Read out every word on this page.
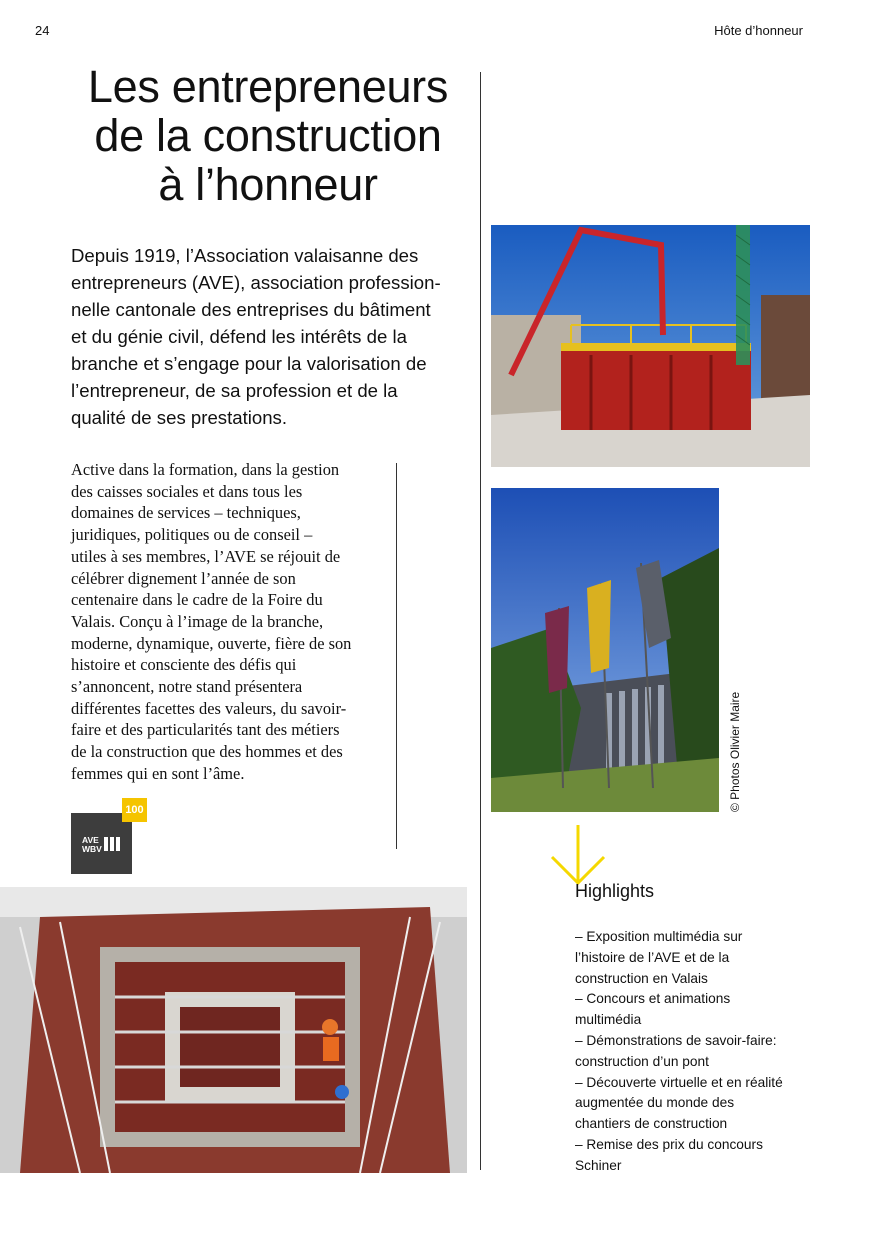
24	Hôte d’honneur
Les entrepreneurs
de la construction
à l’honneur

Depuis 1919, l’Association valaisanne des
entrepreneurs (AVE), association profession-
nelle cantonale des entreprises du bâtiment
et du génie civil, défend les intérêts de la
branche et s’engage pour la valorisation de
l’entrepreneur, de sa profession et de la
qualité de ses prestations.

Active dans la formation, dans la gestion
des caisses sociales et dans tous les
domaines de services – techniques,
juridiques, politiques ou de conseil –
utiles à ses membres, l’AVE se réjouit de
célébrer dignement l’année de son
centenaire dans le cadre de la Foire du
Valais. Conçu à l’image de la branche,
moderne, dynamique, ouverte, fière de son
histoire et consciente des défis qui
s’annoncent, notre stand présentera
différentes facettes des valeurs, du savoir-
faire et des particularités tant des métiers
de la construction que des hommes et des
femmes qui en sont l’âme.

100
AVE
WBV
© Photos Olivier Maire
Highlights
– Exposition multimédia sur
l’histoire de l’AVE et de la
construction en Valais
– Concours et animations
multimédia
– Démonstrations de savoir-faire:
construction d’un pont
– Découverte virtuelle et en réalité
augmentée du monde des
chantiers de construction
– Remise des prix du concours
Schiner
